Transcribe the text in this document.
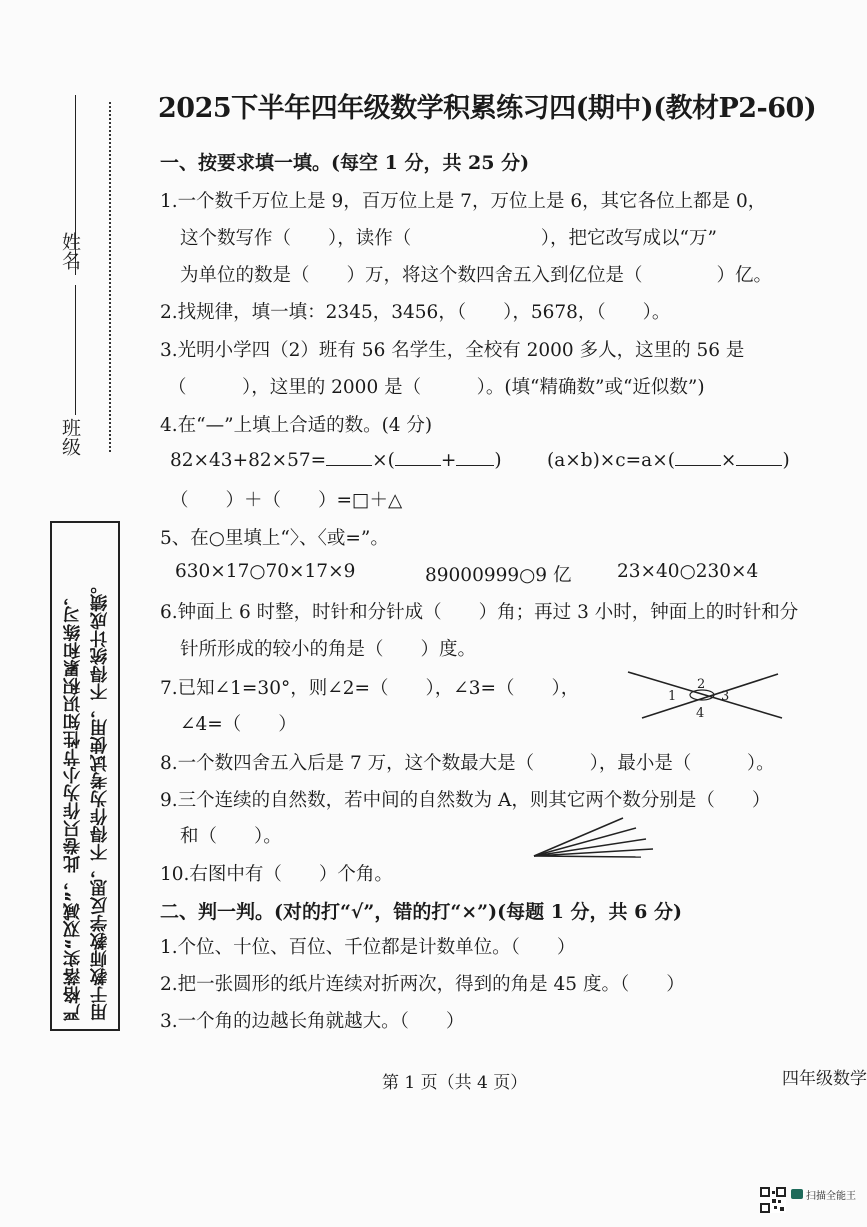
姓名
班级
用于教师教学反思，不得作为考试使用，不得统计成绩。
严格落实“双减”，此卷只作为小节性知识积累和练习，
2025下半年四年级数学积累练习四(期中)(教材P2-60)
一、按要求填一填。(每空 1 分，共 25 分)
1.一个数千万位上是 9，百万位上是 7，万位上是 6，其它各位上都是 0，
这个数写作（　　），读作（　　　　　　　），把它改写成以“万”
为单位的数是（　　）万，将这个数四舍五入到亿位是（　　　　）亿。
2.找规律，填一填：2345，3456，（　　），5678，（　　）。
3.光明小学四（2）班有 56 名学生，全校有 2000 多人，这里的 56 是
（　　　），这里的 2000 是（　　　）。(填“精确数”或“近似数”)
4.在“—”上填上合适的数。(4 分)
82×43+82×57= ×( + ) (a×b)×c=a×( × )
（　　）＋（　　）=□＋△
5、在○里填上“〉、〈或=”。
630×17○70×17×9	89000999○9 亿 23×40○230×4
6.钟面上 6 时整，时针和分针成（　　）角；再过 3 小时，钟面上的时针和分
针所形成的较小的角是（　　）度。
7.已知∠1=30°，则∠2=（　　），∠3=（　　），
∠4=（　　）
1
2
3
4
8.一个数四舍五入后是 7 万，这个数最大是（　　　），最小是（　　　）。
9.三个连续的自然数，若中间的自然数为 A，则其它两个数分别是（　　）
和（　　）。
10.右图中有（　　）个角。
二、判一判。(对的打“√”，错的打“×”)(每题 1 分，共 6 分)
1.个位、十位、百位、千位都是计数单位。（　　）
2.把一张圆形的纸片连续对折两次，得到的角是 45 度。（　　）
3.一个角的边越长角就越大。（　　）
第 1 页（共 4 页）	四年级数学
扫描全能王
